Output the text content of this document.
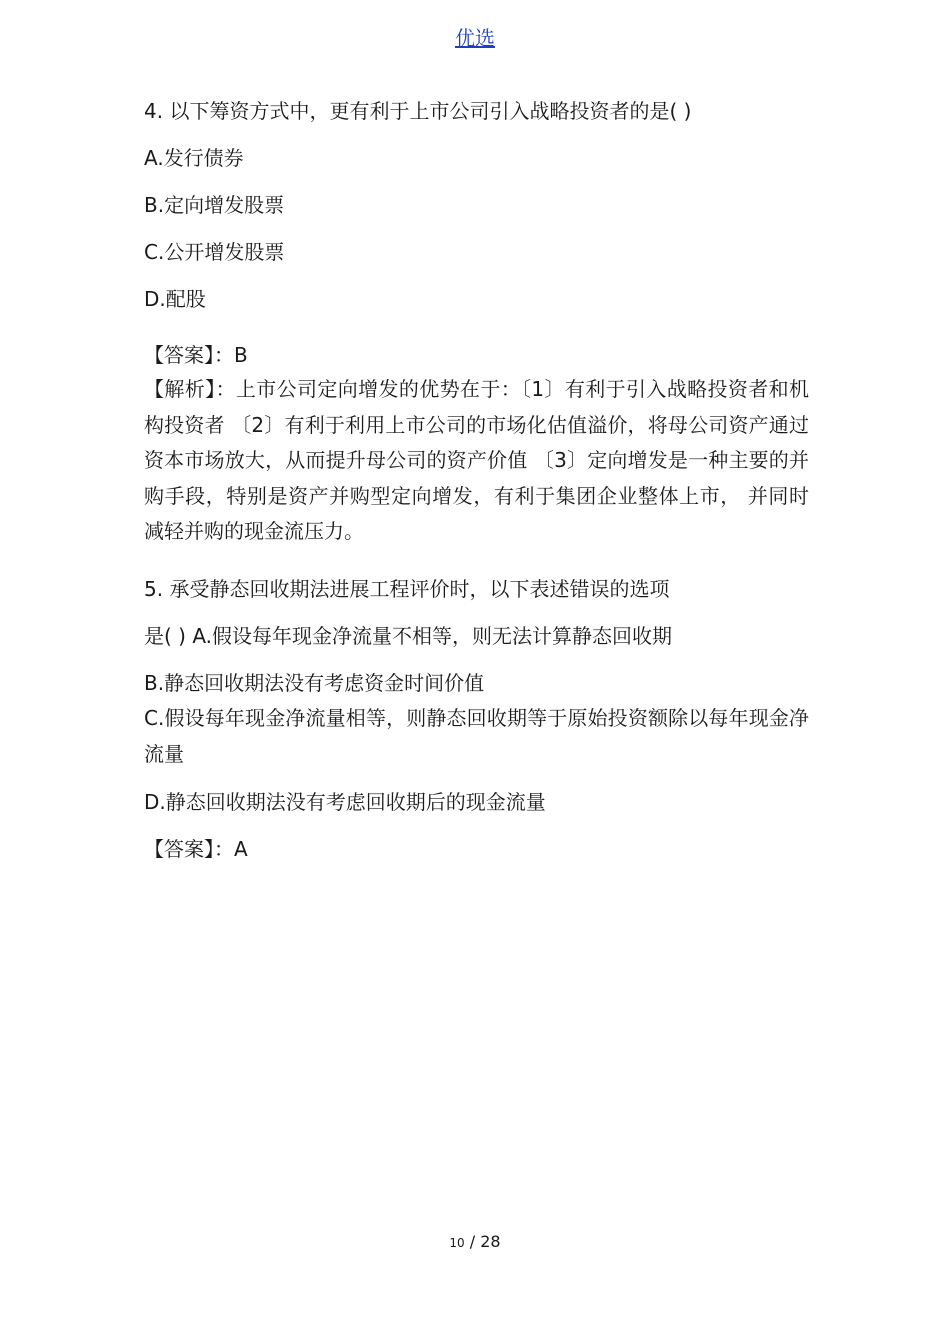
优选

4. 以下筹资方式中，更有利于上市公司引入战略投资者的是( )

A.发行债券

B.定向增发股票

C.公开增发股票

D.配股

【答案】：B

【解析】：上市公司定向增发的优势在于：〔1〕有利于引入战略投资者和机构投资者 〔2〕有利于利用上市公司的市场化估值溢价，将母公司资产通过资本市场放大，从而提升母公司的资产价值 〔3〕定向增发是一种主要的并购手段，特别是资产并购型定向增发，有利于集团企业整体上市， 并同时减轻并购的现金流压力。

5. 承受静态回收期法进展工程评价时，以下表述错误的选项

是( ) A.假设每年现金净流量不相等，则无法计算静态回收期

B.静态回收期法没有考虑资金时间价值

C.假设每年现金净流量相等，则静态回收期等于原始投资额除以每年现金净流量

D.静态回收期法没有考虑回收期后的现金流量

【答案】：A

10 / 28
